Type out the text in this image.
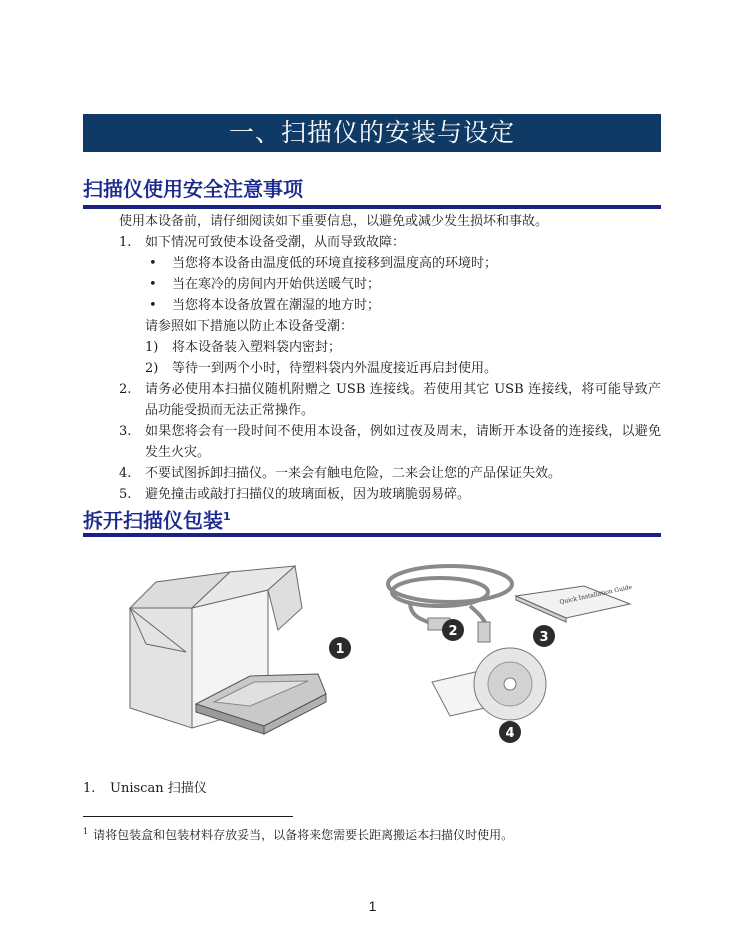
一、扫描仪的安装与设定
扫描仪使用安全注意事项
使用本设备前，请仔细阅读如下重要信息，以避免或减少发生损坏和事故。
1. 如下情况可致使本设备受潮，从而导致故障：
• 当您将本设备由温度低的环境直接移到温度高的环境时；
• 当在寒冷的房间内开始供送暖气时；
• 当您将本设备放置在潮湿的地方时；
请参照如下措施以防止本设备受潮：
1) 将本设备装入塑料袋内密封；
2) 等待一到两个小时，待塑料袋内外温度接近再启封使用。
2. 请务必使用本扫描仪随机附赠之 USB 连接线。若使用其它 USB 连接线，将可能导致产品功能受损而无法正常操作。
3. 如果您将会有一段时间不使用本设备，例如过夜及周末，请断开本设备的连接线，以避免发生火灾。
4. 不要试图拆卸扫描仪。一来会有触电危险，二来会让您的产品保证失效。
5. 避免撞击或敲打扫描仪的玻璃面板，因为玻璃脆弱易碎。
拆开扫描仪包装$^1$
Quick Installation Guide
1
2	3
4
1. Uniscan 扫描仪
$^1$ 请将包装盒和包装材料存放妥当，以备将来您需要长距离搬运本扫描仪时使用。
1
